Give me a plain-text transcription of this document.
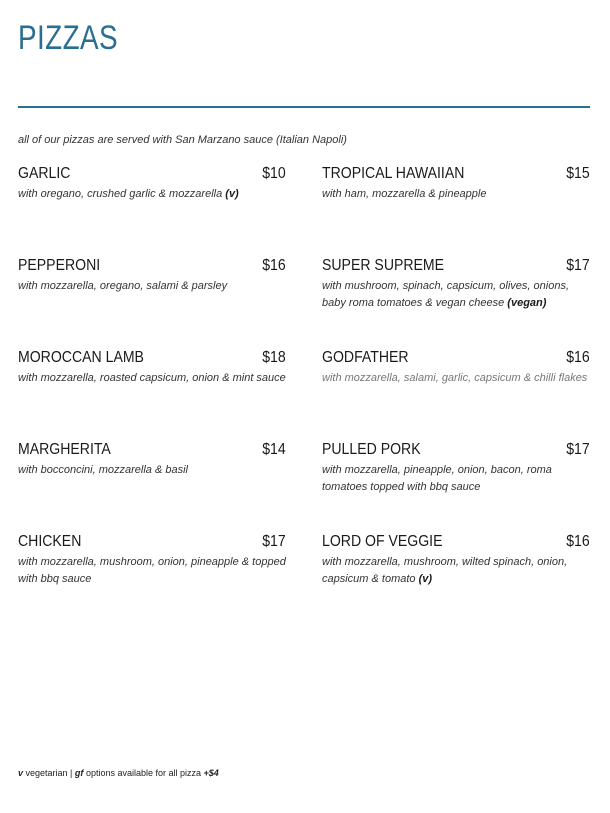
PIZZAS
all of our pizzas are served with San Marzano sauce (Italian Napoli)
GARLIC	$10
with oregano, crushed garlic & mozzarella (v)
TROPICAL HAWAIIAN	$15
with ham, mozzarella & pineapple
PEPPERONI	$16
with mozzarella, oregano, salami & parsley
SUPER SUPREME	$17
with mushroom, spinach, capsicum, olives, onions, baby roma tomatoes & vegan cheese (vegan)
MOROCCAN LAMB	$18
with mozzarella, roasted capsicum, onion & mint sauce
GODFATHER	$16
with mozzarella, salami, garlic, capsicum & chilli flakes
MARGHERITA	$14
with bocconcini, mozzarella & basil
PULLED PORK	$17
with mozzarella, pineapple, onion, bacon, roma tomatoes topped with bbq sauce
CHICKEN	$17
with mozzarella, mushroom, onion, pineapple & topped with bbq sauce
LORD OF VEGGIE	$16
with mozzarella, mushroom, wilted spinach, onion, capsicum & tomato (v)
v vegetarian | gf options available for all pizza +$4
